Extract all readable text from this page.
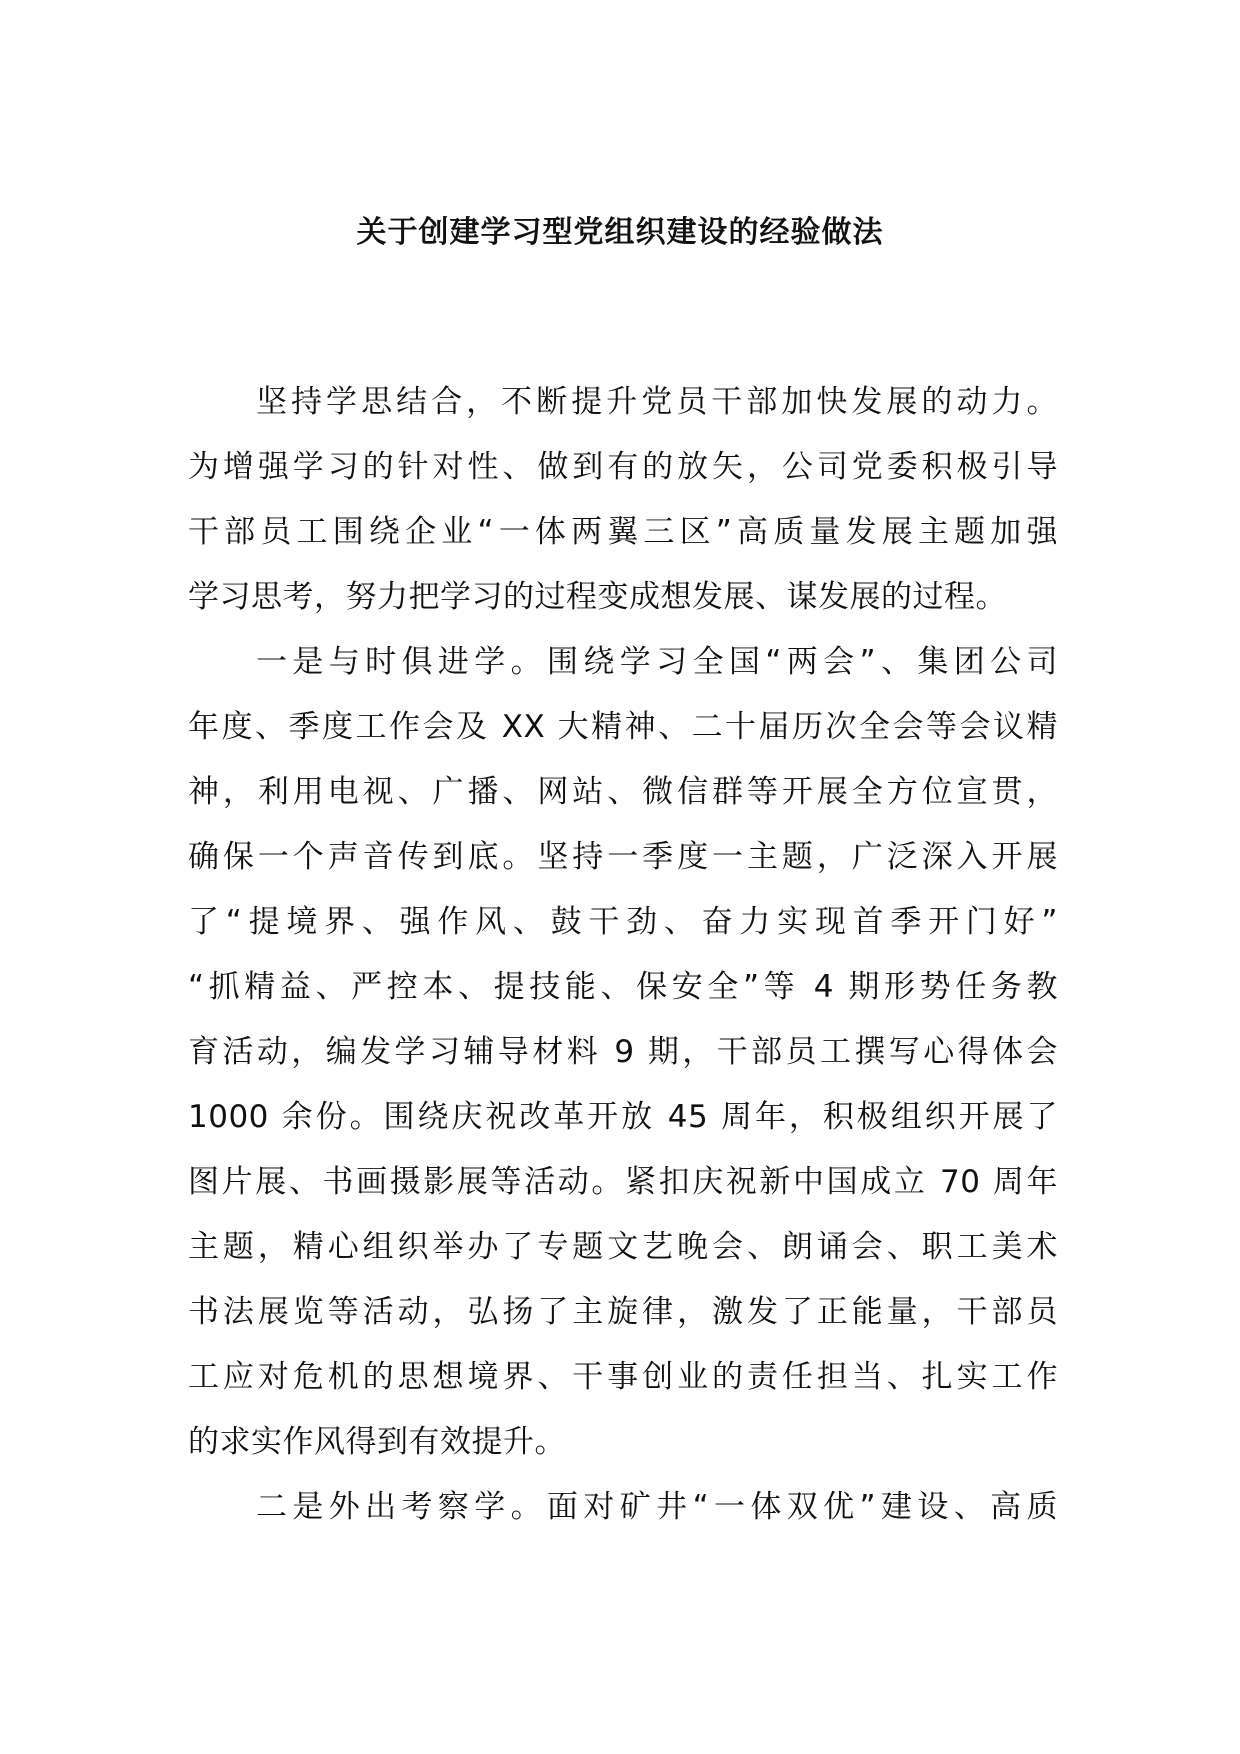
关于创建学习型党组织建设的经验做法

坚持学思结合，不断提升党员干部加快发展的动力。
为增强学习的针对性、做到有的放矢，公司党委积极引导
干部员工围绕企业“一体两翼三区”高质量发展主题加强
学习思考，努力把学习的过程变成想发展、谋发展的过程。

一是与时俱进学。围绕学习全国“两会”、集团公司
年度、季度工作会及 XX 大精神、二十届历次全会等会议精
神，利用电视、广播、网站、微信群等开展全方位宣贯，
确保一个声音传到底。坚持一季度一主题，广泛深入开展
了“提境界、强作风、鼓干劲、奋力实现首季开门好”
“抓精益、严控本、提技能、保安全”等 4 期形势任务教
育活动，编发学习辅导材料 9 期，干部员工撰写心得体会
1000 余份。围绕庆祝改革开放 45 周年，积极组织开展了
图片展、书画摄影展等活动。紧扣庆祝新中国成立 70 周年
主题，精心组织举办了专题文艺晚会、朗诵会、职工美术
书法展览等活动，弘扬了主旋律，激发了正能量，干部员
工应对危机的思想境界、干事创业的责任担当、扎实工作
的求实作风得到有效提升。

二是外出考察学。面对矿井“一体双优”建设、高质
